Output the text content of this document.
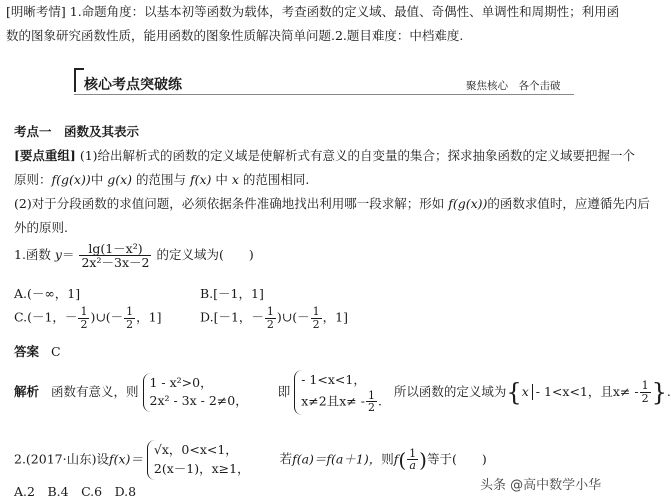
[明晰考情] 1.命题角度：以基本初等函数为载体，考查函数的定义域、最值、奇偶性、单调性和周期性；利用函
数的图象研究函数性质，能用函数的图象性质解决简单问题.2.题目难度：中档难度.
核心考点突破练	聚焦核心　各个击破
考点一　函数及其表示
[要点重组] (1)给出解析式的函数的定义域是使解析式有意义的自变量的集合；探求抽象函数的定义域要把握一个
原则：f(g(x))中 g(x) 的范围与 f(x) 中 x 的范围相同.
(2)对于分段函数的求值问题，必须依据条件准确地找出利用哪一段求解；形如 f(g(x))的函数求值时，应遵循先内后
外的原则.
1.函数 $y= \frac{\text{lg(1－x²)}}{\text{2x²－3x－2}}$ 的定义域为(　　)
A.(－∞，1]	B.[－1，1]
C.(－1，－ $\frac{1}{2}$ )∪(－ $\frac{1}{2}$ ，1]	D.[－1，－ $\frac{1}{2}$ )∪(－ $\frac{1}{2}$ ，1]
答案 C
解析 函数有意义，则
1 - x²>0，
2x² - 3x - 2≠0，
即
- 1<x<1，
x≠2且$x\ne - \frac{1}{2}$ .
所以函数的定义域为{x - 1<x<1，且$x\ne - \frac{1}{2}$ }.
2.(2017·山东)设f(x)＝
√x，0<x<1，
2(x－1)，x≥1，
若f(a)＝f(a＋1)，则$f( \frac{1}{a}$ )等于(　　)
A.2　B.4　C.6　D.8	头条 @高中数学小华
